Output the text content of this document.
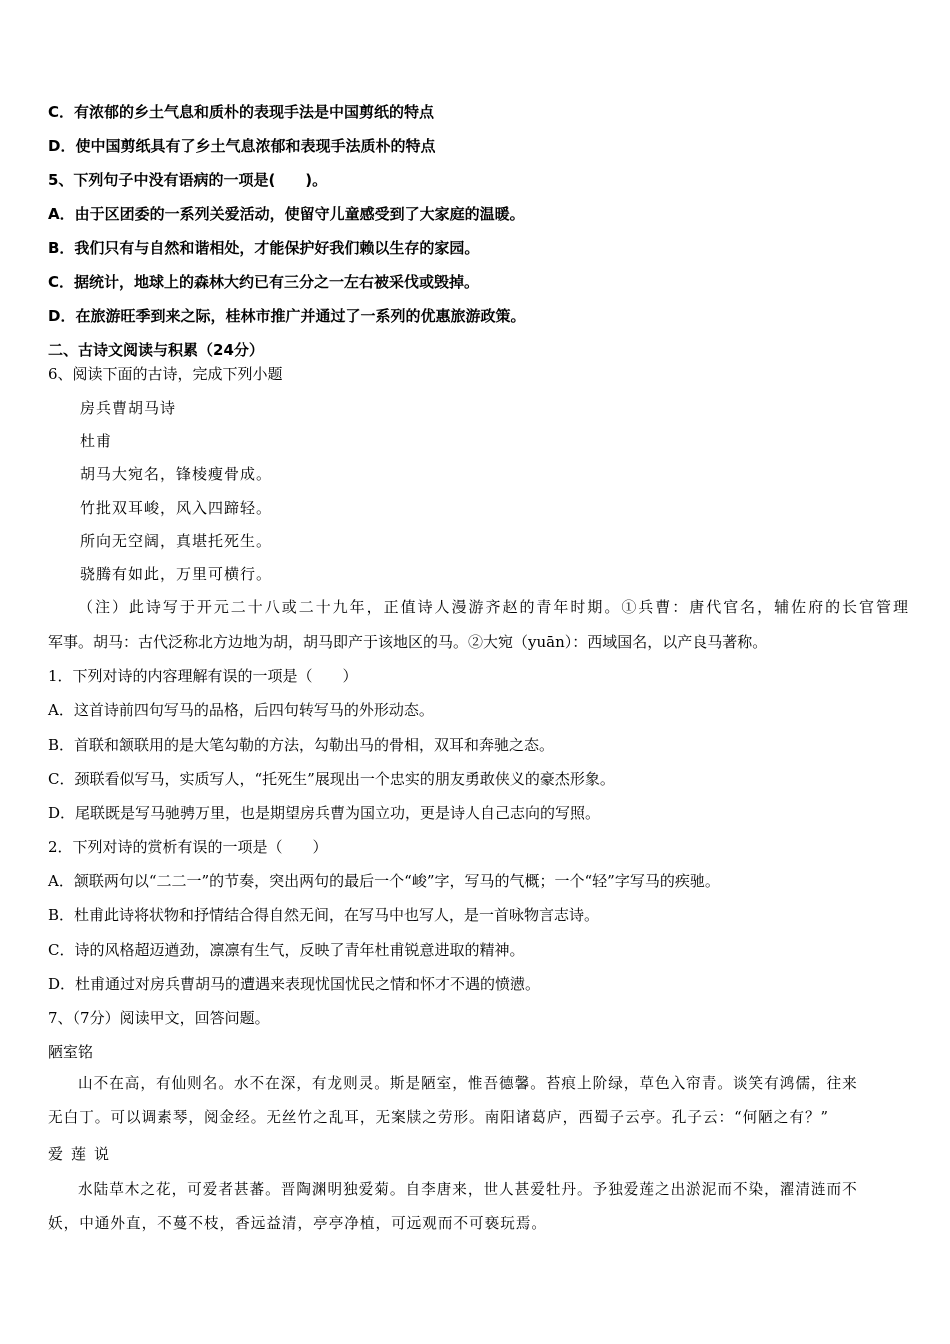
C．有浓郁的乡土气息和质朴的表现手法是中国剪纸的特点
D．使中国剪纸具有了乡土气息浓郁和表现手法质朴的特点
5、下列句子中没有语病的一项是(　　)。
A．由于区团委的一系列关爱活动，使留守儿童感受到了大家庭的温暖。
B．我们只有与自然和谐相处，才能保护好我们赖以生存的家园。
C．据统计，地球上的森林大约已有三分之一左右被采伐或毁掉。
D．在旅游旺季到来之际，桂林市推广并通过了一系列的优惠旅游政策。
二、古诗文阅读与积累（24分）
6、阅读下面的古诗，完成下列小题
房兵曹胡马诗
杜甫
胡马大宛名，锋棱瘦骨成。
竹批双耳峻，风入四蹄轻。
所向无空阔，真堪托死生。
骁腾有如此，万里可横行。
（注）此诗写于开元二十八或二十九年，正值诗人漫游齐赵的青年时期。①兵曹：唐代官名，辅佐府的长官管理
军事。胡马：古代泛称北方边地为胡，胡马即产于该地区的马。②大宛（yuān）：西域国名，以产良马著称。
1．下列对诗的内容理解有误的一项是（　　）
A．这首诗前四句写马的品格，后四句转写马的外形动态。
B．首联和颔联用的是大笔勾勒的方法，勾勒出马的骨相，双耳和奔驰之态。
C．颈联看似写马，实质写人，“托死生”展现出一个忠实的朋友勇敢侠义的豪杰形象。
D．尾联既是写马驰骋万里，也是期望房兵曹为国立功，更是诗人自己志向的写照。
2．下列对诗的赏析有误的一项是（　　）
A．颔联两句以“二二一”的节奏，突出两句的最后一个“峻”字，写马的气概；一个“轻”字写马的疾驰。
B．杜甫此诗将状物和抒情结合得自然无间，在写马中也写人，是一首咏物言志诗。
C．诗的风格超迈遒劲，凛凛有生气，反映了青年杜甫锐意进取的精神。
D．杜甫通过对房兵曹胡马的遭遇来表现忧国忧民之情和怀才不遇的愤懑。
7、（7分）阅读甲文，回答问题。
陋室铭
山不在高，有仙则名。水不在深，有龙则灵。斯是陋室，惟吾德馨。苔痕上阶绿，草色入帘青。谈笑有鸿儒，往来
无白丁。可以调素琴，阅金经。无丝竹之乱耳，无案牍之劳形。南阳诸葛庐，西蜀子云亭。孔子云：“何陋之有？”
爱莲说
水陆草木之花，可爱者甚蕃。晋陶渊明独爱菊。自李唐来，世人甚爱牡丹。予独爱莲之出淤泥而不染，濯清涟而不
妖，中通外直，不蔓不枝，香远益清，亭亭净植，可远观而不可亵玩焉。
